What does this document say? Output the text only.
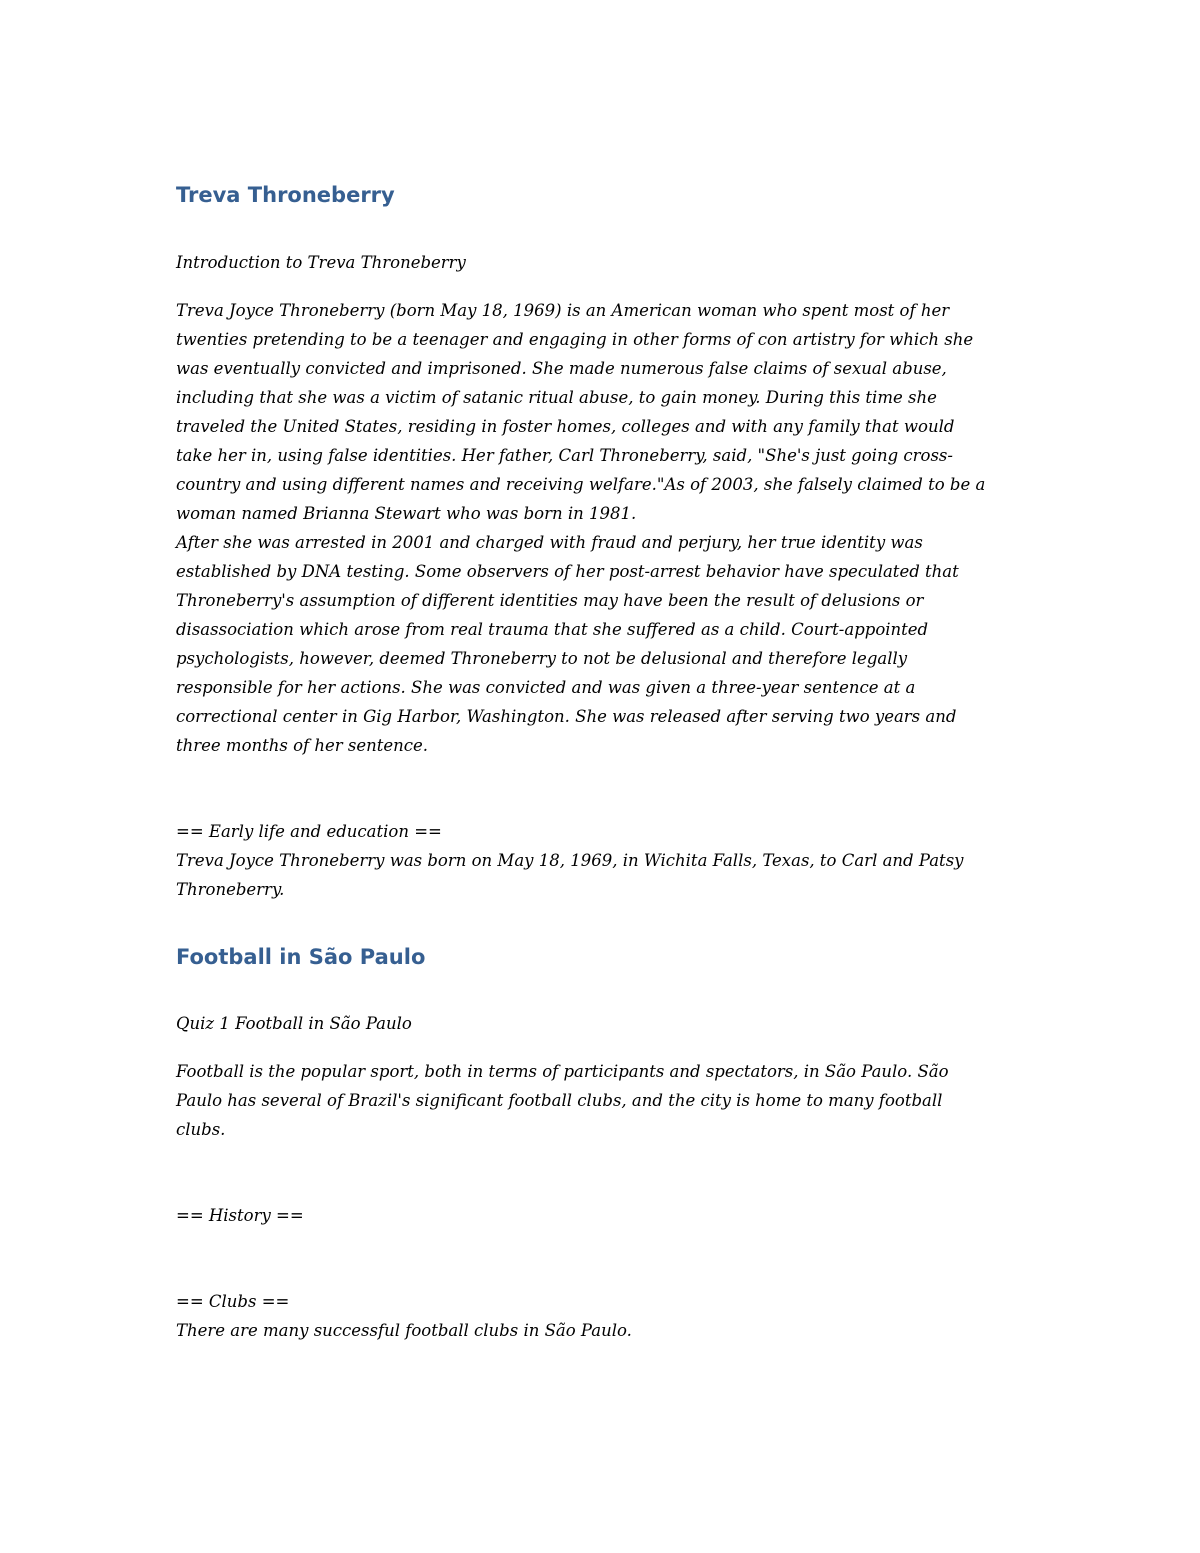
Treva Throneberry

Introduction to Treva Throneberry

Treva Joyce Throneberry (born May 18, 1969) is an American woman who spent most of her
twenties pretending to be a teenager and engaging in other forms of con artistry for which she
was eventually convicted and imprisoned. She made numerous false claims of sexual abuse,
including that she was a victim of satanic ritual abuse, to gain money. During this time she
traveled the United States, residing in foster homes, colleges and with any family that would
take her in, using false identities. Her father, Carl Throneberry, said, "She's just going cross-
country and using different names and receiving welfare."As of 2003, she falsely claimed to be a
woman named Brianna Stewart who was born in 1981.
After she was arrested in 2001 and charged with fraud and perjury, her true identity was
established by DNA testing. Some observers of her post-arrest behavior have speculated that
Throneberry's assumption of different identities may have been the result of delusions or
disassociation which arose from real trauma that she suffered as a child. Court-appointed
psychologists, however, deemed Throneberry to not be delusional and therefore legally
responsible for her actions. She was convicted and was given a three-year sentence at a
correctional center in Gig Harbor, Washington. She was released after serving two years and
three months of her sentence.

== Early life and education ==

Treva Joyce Throneberry was born on May 18, 1969, in Wichita Falls, Texas, to Carl and Patsy
Throneberry.

Football in São Paulo

Quiz 1 Football in São Paulo

Football is the popular sport, both in terms of participants and spectators, in São Paulo. São
Paulo has several of Brazil's significant football clubs, and the city is home to many football
clubs.

== History ==

== Clubs ==

There are many successful football clubs in São Paulo.
